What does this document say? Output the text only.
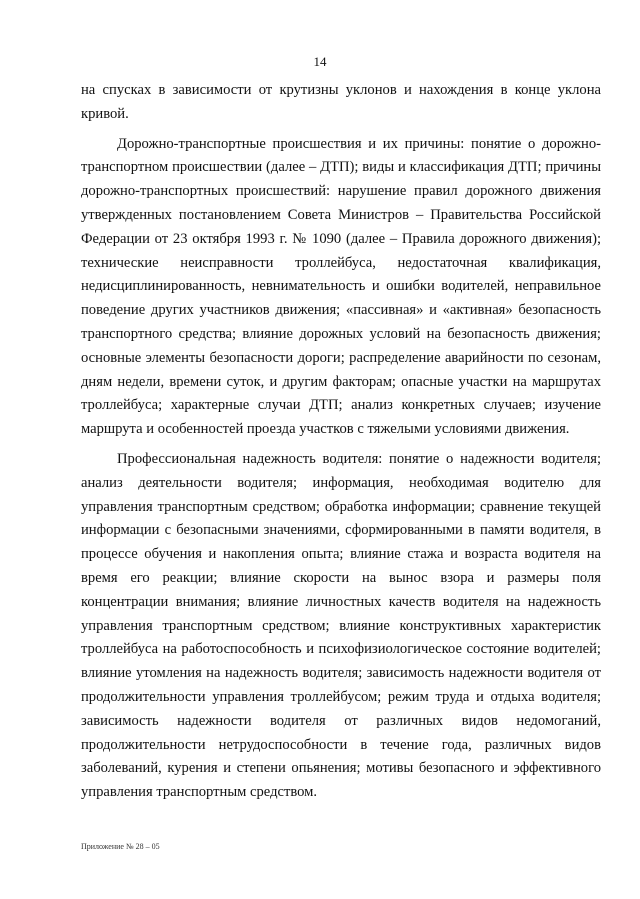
14

на спусках в зависимости от крутизны уклонов и нахождения в конце уклона кривой.

Дорожно-транспортные происшествия и их причины: понятие о дорожно-транспортном происшествии (далее – ДТП); виды и классификация ДТП; причины дорожно-транспортных происшествий: нарушение правил дорожного движения утвержденных постановлением Совета Министров – Правительства Российской Федерации от 23 октября 1993 г. № 1090 (далее – Правила дорожного движения); технические неисправности троллейбуса, недостаточная квалификация, недисциплинированность, невнимательность и ошибки водителей, неправильное поведение других участников движения; «пассивная» и «активная» безопасность транспортного средства; влияние дорожных условий на безопасность движения; основные элементы безопасности дороги; распределение аварийности по сезонам, дням недели, времени суток, и другим факторам; опасные участки на маршрутах троллейбуса; характерные случаи ДТП; анализ конкретных случаев; изучение маршрута и особенностей проезда участков с тяжелыми условиями движения.

Профессиональная надежность водителя: понятие о надежности водителя; анализ деятельности водителя; информация, необходимая водителю для управления транспортным средством; обработка информации; сравнение текущей информации с безопасными значениями, сформированными в памяти водителя, в процессе обучения и накопления опыта; влияние стажа и возраста водителя на время его реакции; влияние скорости на вынос взора и размеры поля концентрации внимания; влияние личностных качеств водителя на надежность управления транспортным средством; влияние конструктивных характеристик троллейбуса на работоспособность и психофизиологическое состояние водителей; влияние утомления на надежность водителя; зависимость надежности водителя от продолжительности управления троллейбусом; режим труда и отдыха водителя; зависимость надежности водителя от различных видов недомоганий, продолжительности нетрудоспособности в течение года, различных видов заболеваний, курения и степени опьянения; мотивы безопасного и эффективного управления транспортным средством.

Приложение № 28 – 05
